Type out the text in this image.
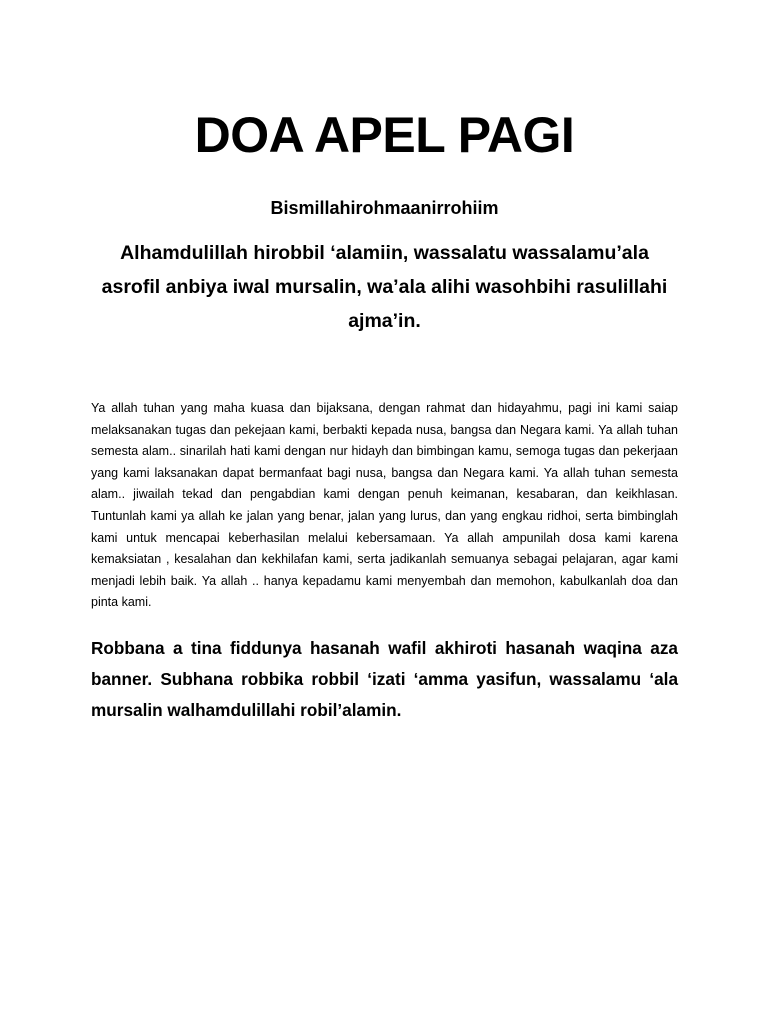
DOA APEL PAGI

Bismillahirohmaanirrohiim

Alhamdulillah hirobbil ‘alamiin, wassalatu wassalamu’ala asrofil anbiya iwal mursalin, wa’ala alihi wasohbihi rasulillahi ajma’in.

Ya allah tuhan yang maha kuasa dan bijaksana, dengan rahmat dan hidayahmu, pagi ini kami saiap melaksanakan tugas dan pekejaan kami, berbakti kepada nusa, bangsa dan Negara kami. Ya allah tuhan semesta alam.. sinarilah hati kami dengan nur hidayh dan bimbingan kamu, semoga tugas dan pekerjaan yang kami laksanakan dapat bermanfaat bagi nusa, bangsa dan Negara kami. Ya allah tuhan semesta alam.. jiwailah tekad dan pengabdian kami dengan penuh keimanan, kesabaran, dan keikhlasan. Tuntunlah kami ya allah ke jalan yang benar, jalan yang lurus, dan yang engkau ridhoi, serta bimbinglah kami untuk mencapai keberhasilan melalui kebersamaan. Ya allah ampunilah dosa kami karena kemaksiatan , kesalahan dan kekhilafan kami, serta jadikanlah semuanya sebagai pelajaran, agar kami menjadi lebih baik. Ya allah .. hanya kepadamu kami menyembah dan memohon, kabulkanlah doa dan pinta kami.

Robbana a tina fiddunya hasanah wafil akhiroti hasanah waqina aza banner. Subhana robbika robbil ‘izati ‘amma yasifun, wassalamu ‘ala mursalin walhamdulillahi robil’alamin.
